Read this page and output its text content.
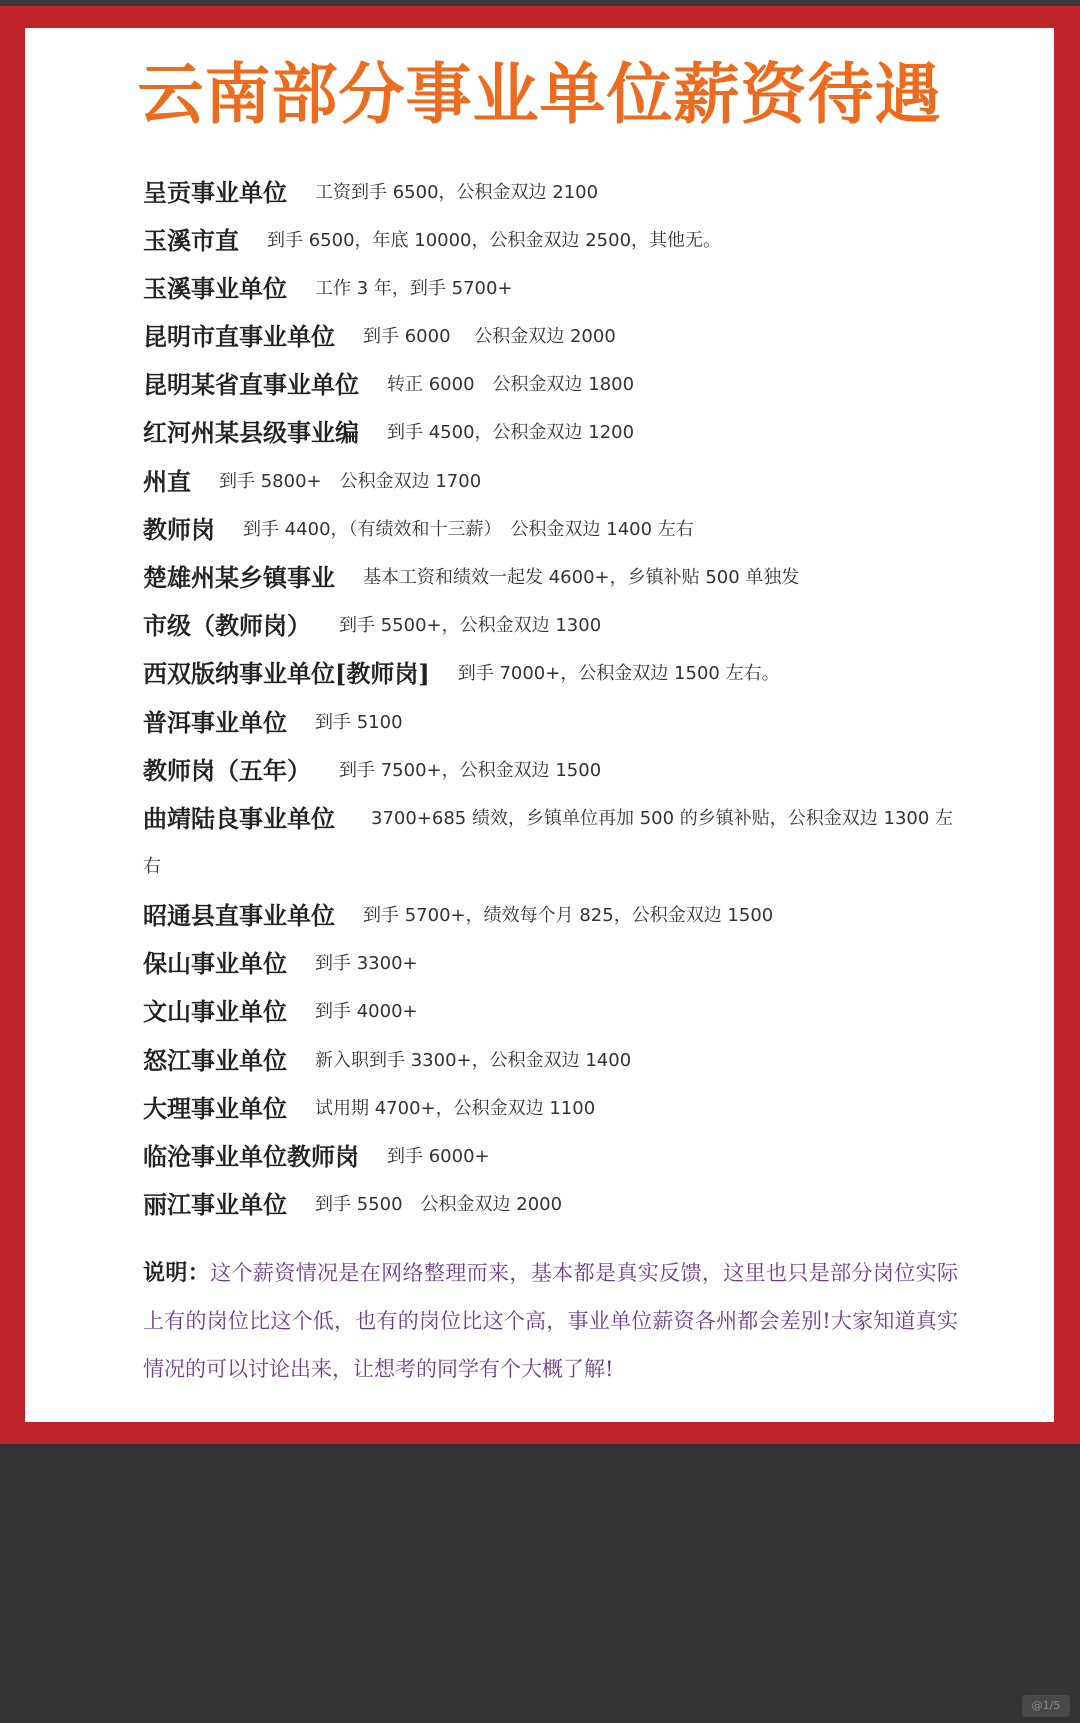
云南部分事业单位薪资待遇
呈贡事业单位 工资到手 6500，公积金双边 2100
玉溪市直 到手 6500，年底 10000，公积金双边 2500，其他无。
玉溪事业单位 工作 3 年，到手 5700+
昆明市直事业单位 到手 6000　 公积金双边 2000
昆明某省直事业单位 转正 6000　公积金双边 1800
红河州某县级事业编 到手 4500，公积金双边 1200
州直 到手 5800+　公积金双边 1700
教师岗 到手 4400，（有绩效和十三薪）　公积金双边 1400 左右
楚雄州某乡镇事业 基本工资和绩效一起发 4600+，乡镇补贴 500 单独发
市级（教师岗） 到手 5500+，公积金双边 1300
西双版纳事业单位[教师岗] 到手 7000+，公积金双边 1500 左右。
普洱事业单位 到手 5100
教师岗（五年） 到手 7500+，公积金双边 1500
曲靖陆良事业单位 3700+685 绩效，乡镇单位再加 500 的乡镇补贴，公积金双边 1300 左右
昭通县直事业单位 到手 5700+，绩效每个月 825，公积金双边 1500
保山事业单位 到手 3300+
文山事业单位 到手 4000+
怒江事业单位 新入职到手 3300+，公积金双边 1400
大理事业单位 试用期 4700+，公积金双边 1100
临沧事业单位教师岗 到手 6000+
丽江事业单位 到手 5500　公积金双边 2000
说明：这个薪资情况是在网络整理而来，基本都是真实反馈，这里也只是部分岗位实际上有的岗位比这个低，也有的岗位比这个高，事业单位薪资各州都会差别!大家知道真实情况的可以讨论出来，让想考的同学有个大概了解!
@1/5
